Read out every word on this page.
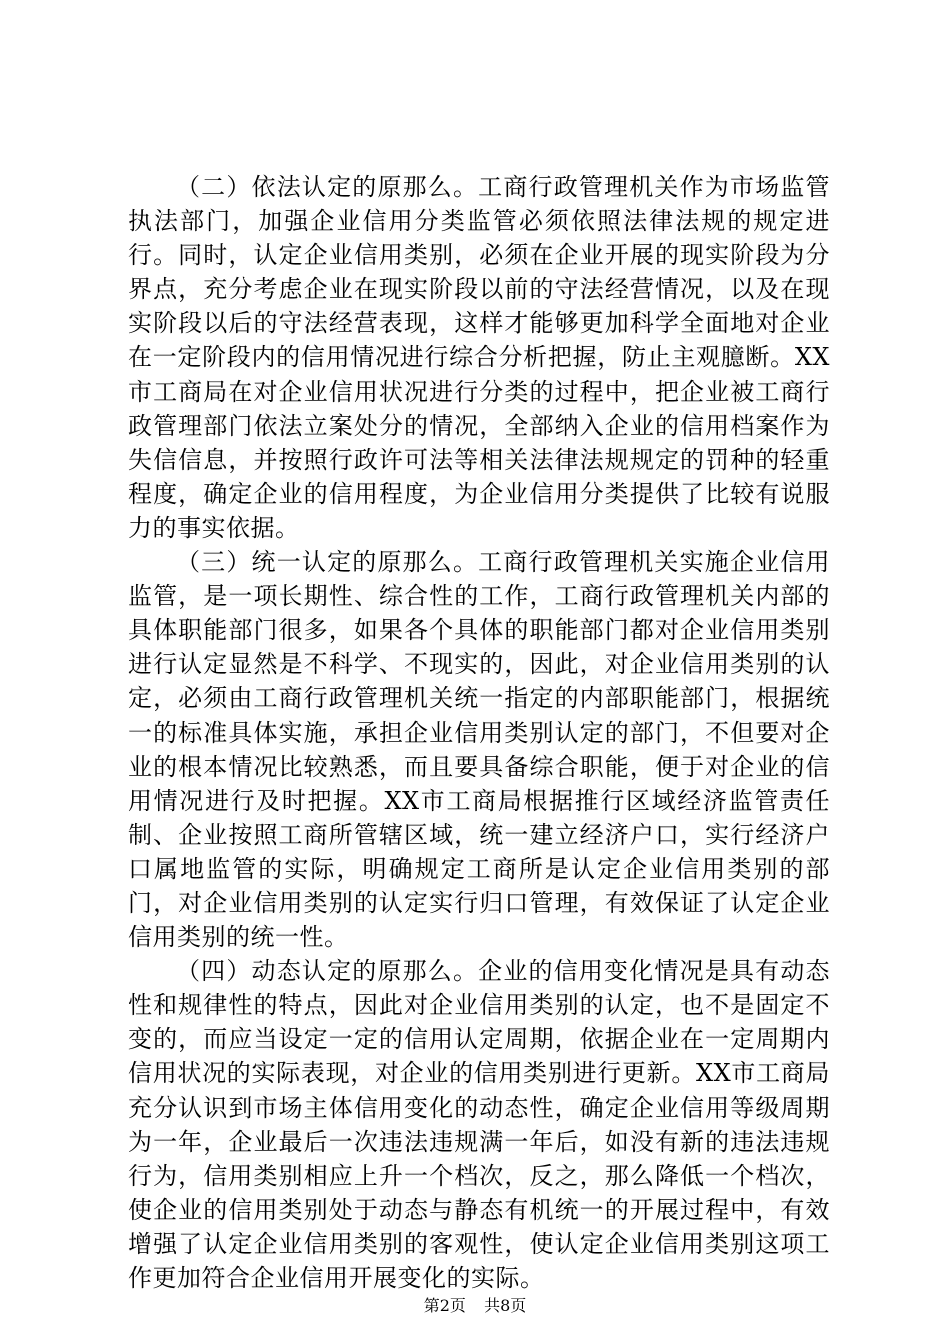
（二）依法认定的原那么。工商行政管理机关作为市场监管执法部门，加强企业信用分类监管必须依照法律法规的规定进行。同时，认定企业信用类别，必须在企业开展的现实阶段为分界点，充分考虑企业在现实阶段以前的守法经营情况，以及在现实阶段以后的守法经营表现，这样才能够更加科学全面地对企业在一定阶段内的信用情况进行综合分析把握，防止主观臆断。XX市工商局在对企业信用状况进行分类的过程中，把企业被工商行政管理部门依法立案处分的情况，全部纳入企业的信用档案作为失信信息，并按照行政许可法等相关法律法规规定的罚种的轻重程度，确定企业的信用程度，为企业信用分类提供了比较有说服力的事实依据。

（三）统一认定的原那么。工商行政管理机关实施企业信用监管，是一项长期性、综合性的工作，工商行政管理机关内部的具体职能部门很多，如果各个具体的职能部门都对企业信用类别进行认定显然是不科学、不现实的，因此，对企业信用类别的认定，必须由工商行政管理机关统一指定的内部职能部门，根据统一的标准具体实施，承担企业信用类别认定的部门，不但要对企业的根本情况比较熟悉，而且要具备综合职能，便于对企业的信用情况进行及时把握。XX市工商局根据推行区域经济监管责任制、企业按照工商所管辖区域，统一建立经济户口，实行经济户口属地监管的实际，明确规定工商所是认定企业信用类别的部门，对企业信用类别的认定实行归口管理，有效保证了认定企业信用类别的统一性。

（四）动态认定的原那么。企业的信用变化情况是具有动态性和规律性的特点，因此对企业信用类别的认定，也不是固定不变的，而应当设定一定的信用认定周期，依据企业在一定周期内信用状况的实际表现，对企业的信用类别进行更新。XX市工商局充分认识到市场主体信用变化的动态性，确定企业信用等级周期为一年，企业最后一次违法违规满一年后，如没有新的违法违规行为，信用类别相应上升一个档次，反之，那么降低一个档次，使企业的信用类别处于动态与静态有机统一的开展过程中，有效增强了认定企业信用类别的客观性，使认定企业信用类别这项工作更加符合企业信用开展变化的实际。

第2页 共8页
